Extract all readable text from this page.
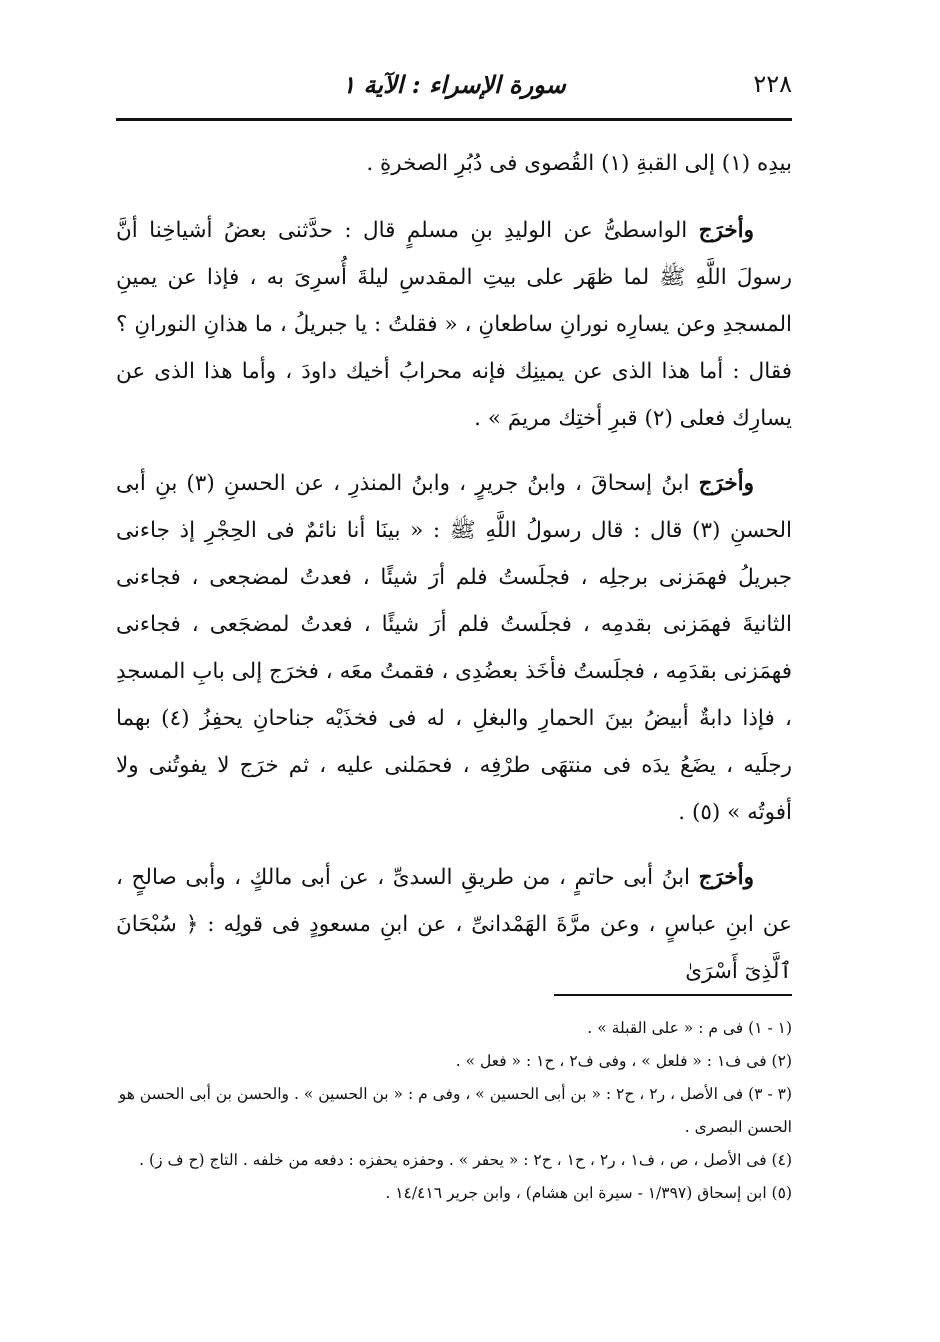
٢٢٨
سورة الإسراء : الآية ١

بيدِه (١) إلى القبةِ (١) القُصوى فى دُبُرِ الصخرةِ .

وأخرَج الواسطىُّ عن الوليدِ بنِ مسلمٍ قال : حدَّثنى بعضُ أشياخِنا أنَّ رسولَ اللَّهِ ﷺ لما ظهَر على بيتِ المقدسِ ليلةَ أُسرِىَ به ، فإذا عن يمينِ المسجدِ وعن يسارِه نورانِ ساطعانِ ، « فقلتُ : يا جبريلُ ، ما هذانِ النورانِ ؟ فقال : أما هذا الذى عن يمينِك فإنه محرابُ أخيك داودَ ، وأما هذا الذى عن يسارِك فعلى (٢) قبرِ أختِك مريمَ » .

وأخرَج ابنُ إسحاقَ ، وابنُ جريرٍ ، وابنُ المنذرِ ، عن الحسنِ (٣) بنِ أبى الحسنِ (٣) قال : قال رسولُ اللَّهِ ﷺ : « بينَا أنا نائمٌ فى الحِجْرِ إذ جاءنى جبريلُ فهمَزنى برجلِه ، فجلَستُ فلم أرَ شيئًا ، فعدتُ لمضجعى ، فجاءنى الثانيةَ فهمَزنى بقدمِه ، فجلَستُ فلم أرَ شيئًا ، فعدتُ لمضجَعى ، فجاءنى فهمَزنى بقدَمِه ، فجلَستُ فأخَذ بعضُدِى ، فقمتُ معَه ، فخرَج إلى بابِ المسجدِ ، فإذا دابةٌ أبيضُ بينَ الحمارِ والبغلِ ، له فى فخذَيْه جناحانِ يحفِزُ (٤) بهما رجلَيه ، يضَعُ يدَه فى منتهَى طرْفِه ، فحمَلنى عليه ، ثم خرَج لا يفوتُنى ولا أفوتُه » (٥) .

وأخرَج ابنُ أبى حاتمٍ ، من طريقِ السدىِّ ، عن أبى مالكٍ ، وأبى صالحٍ ، عن ابنِ عباسٍ ، وعن مرَّةَ الهَمْدانىِّ ، عن ابنِ مسعودٍ فى قولِه : ﴿ سُبْحَانَ ٱلَّذِىٓ أَسْرَىٰ

(١ - ١) فى م : « على القبلة » .

(٢) فى ف١ : « فلعل » ، وفى ف٢ ، ح١ : « فعل » .

(٣ - ٣) فى الأصل ، ر٢ ، ح٢ : « بن أبى الحسين » ، وفى م : « بن الحسين » . والحسن بن أبى الحسن هو الحسن البصرى .

(٤) فى الأصل ، ص ، ف١ ، ر٢ ، ح١ ، ح٢ : « يحفر » . وحفزه يحفزه : دفعه من خلفه . التاج (ح ف ز) .

(٥) ابن إسحاق (١/٣٩٧ - سيرة ابن هشام) ، وابن جرير ١٤/٤١٦ .
